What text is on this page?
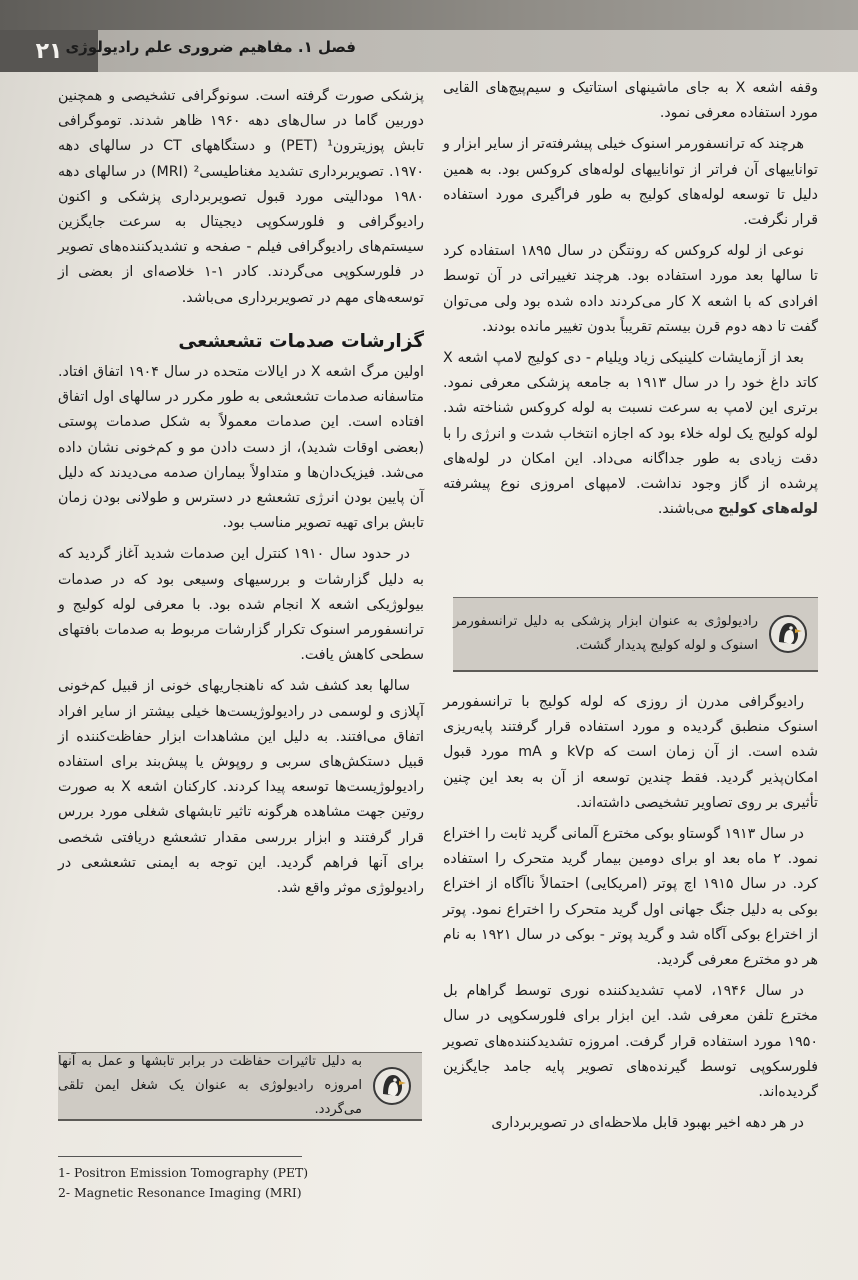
۲۱ فصل ۱. مفاهیم ضروری علم رادیولوژی

وقفه اشعه X به جای ماشینهای استاتیک و سیم‌پیچ‌های القایی مورد استفاده معرفی نمود.

هرچند که ترانسفورمر اسنوک خیلی پیشرفته‌تر از سایر ابزار و تواناییهای آن فراتر از تواناییهای لوله‌های کروکس بود. به همین دلیل تا توسعه لوله‌های کولیج به طور فراگیری مورد استفاده قرار نگرفت.

نوعی از لوله کروکس که رونتگن در سال ۱۸۹۵ استفاده کرد تا سالها بعد مورد استفاده بود. هرچند تغییراتی در آن توسط افرادی که با اشعه X کار می‌کردند داده شده بود ولی می‌توان گفت تا دهه دوم قرن بیستم تقریباً بدون تغییر مانده بودند.

بعد از آزمایشات کلینیکی زیاد ویلیام - دی کولیج لامپ اشعه X کاتد داغ خود را در سال ۱۹۱۳ به جامعه پزشکی معرفی نمود. برتری این لامپ به سرعت نسبت به لوله کروکس شناخته شد. لوله کولیج یک لوله خلاء بود که اجازه انتخاب شدت و انرژی را با دقت زیادی به طور جداگانه می‌داد. این امکان در لوله‌های پرشده از گاز وجود نداشت. لامپهای امروزی نوع پیشرفته لوله‌های کولیج می‌باشند.

رادیولوژی به عنوان ابزار پزشکی به دلیل ترانسفورمر اسنوک و لوله کولیج پدیدار گشت.

رادیوگرافی مدرن از روزی که لوله کولیج با ترانسفورمر اسنوک منطبق گردیده و مورد استفاده قرار گرفتند پایه‌ریزی شده است. از آن زمان است که kVp و mA مورد قبول امکان‌پذیر گردید. فقط چندین توسعه از آن به بعد این چنین تأثیری بر روی تصاویر تشخیصی داشته‌اند.

در سال ۱۹۱۳ گوستاو بوکی مخترع آلمانی گرید ثابت را اختراع نمود. ۲ ماه بعد او برای دومین بیمار گرید متحرک را استفاده کرد. در سال ۱۹۱۵ اچ پوتر (امریکایی) احتمالاً ناآگاه از اختراع بوکی به دلیل جنگ جهانی اول گرید متحرک را اختراع نمود. پوتر از اختراع بوکی آگاه شد و گرید پوتر - بوکی در سال ۱۹۲۱ به نام هر دو مخترع معرفی گردید.

در سال ۱۹۴۶، لامپ تشدیدکننده نوری توسط گراهام بل مخترع تلفن معرفی شد. این ابزار برای فلورسکوپی در سال ۱۹۵۰ مورد استفاده قرار گرفت. امروزه تشدیدکننده‌های تصویر فلورسکوپی توسط گیرنده‌های تصویر پایه جامد جایگزین گردیده‌اند.

در هر دهه اخیر بهبود قابل ملاحظه‌ای در تصویربرداری

پزشکی صورت گرفته است. سونوگرافی تشخیصی و همچنین دوربین گاما در سال‌های دهه ۱۹۶۰ ظاهر شدند. توموگرافی تابش پوزیترون¹ (PET) و دستگاههای CT در سالهای دهه ۱۹۷۰. تصویربرداری تشدید مغناطیسی² (MRI) در سالهای دهه ۱۹۸۰ مودالیتی مورد قبول تصویربرداری پزشکی و اکنون رادیوگرافی و فلورسکوپی دیجیتال به سرعت جایگزین سیستم‌های رادیوگرافی فیلم - صفحه و تشدیدکننده‌های تصویر در فلورسکوپی می‌گردند. کادر ۱-۱ خلاصه‌ای از بعضی از توسعه‌های مهم در تصویربرداری می‌باشد.

گزارشات صدمات تشعشعی

اولین مرگ اشعه X در ایالات متحده در سال ۱۹۰۴ اتفاق افتاد. متاسفانه صدمات تشعشعی به طور مکرر در سالهای اول اتفاق افتاده است. این صدمات معمولاً به شکل صدمات پوستی (بعضی اوقات شدید)، از دست دادن مو و کم‌خونی نشان داده می‌شد. فیزیک‌دان‌ها و متداولاً بیماران صدمه می‌دیدند که دلیل آن پایین بودن انرژی تشعشع در دسترس و طولانی بودن زمان تابش برای تهیه تصویر مناسب بود.

در حدود سال ۱۹۱۰ کنترل این صدمات شدید آغاز گردید که به دلیل گزارشات و بررسیهای وسیعی بود که در صدمات بیولوژیکی اشعه X انجام شده بود. با معرفی لوله کولیج و ترانسفورمر اسنوک تکرار گزارشات مربوط به صدمات بافتهای سطحی کاهش یافت.

سالها بعد کشف شد که ناهنجاریهای خونی از قبیل کم‌خونی آپلازی و لوسمی در رادیولوژیست‌ها خیلی بیشتر از سایر افراد اتفاق می‌افتند. به دلیل این مشاهدات ابزار حفاظت‌کننده از قبیل دستکش‌های سربی و روپوش یا پیش‌بند برای استفاده رادیولوژیست‌ها توسعه پیدا کردند. کارکنان اشعه X به صورت روتین جهت مشاهده هرگونه تاثیر تابشهای شغلی مورد بررس قرار گرفتند و ابزار بررسی مقدار تشعشع دریافتی شخصی برای آنها فراهم گردید. این توجه به ایمنی تشعشعی در رادیولوژی موثر واقع شد.

به دلیل تاثیرات حفاظت در برابر تابشها و عمل به آنها امروزه رادیولوژی به عنوان یک شغل ایمن تلقی می‌گردد.
1- Positron Emission Tomography (PET)
2- Magnetic Resonance Imaging (MRI)
